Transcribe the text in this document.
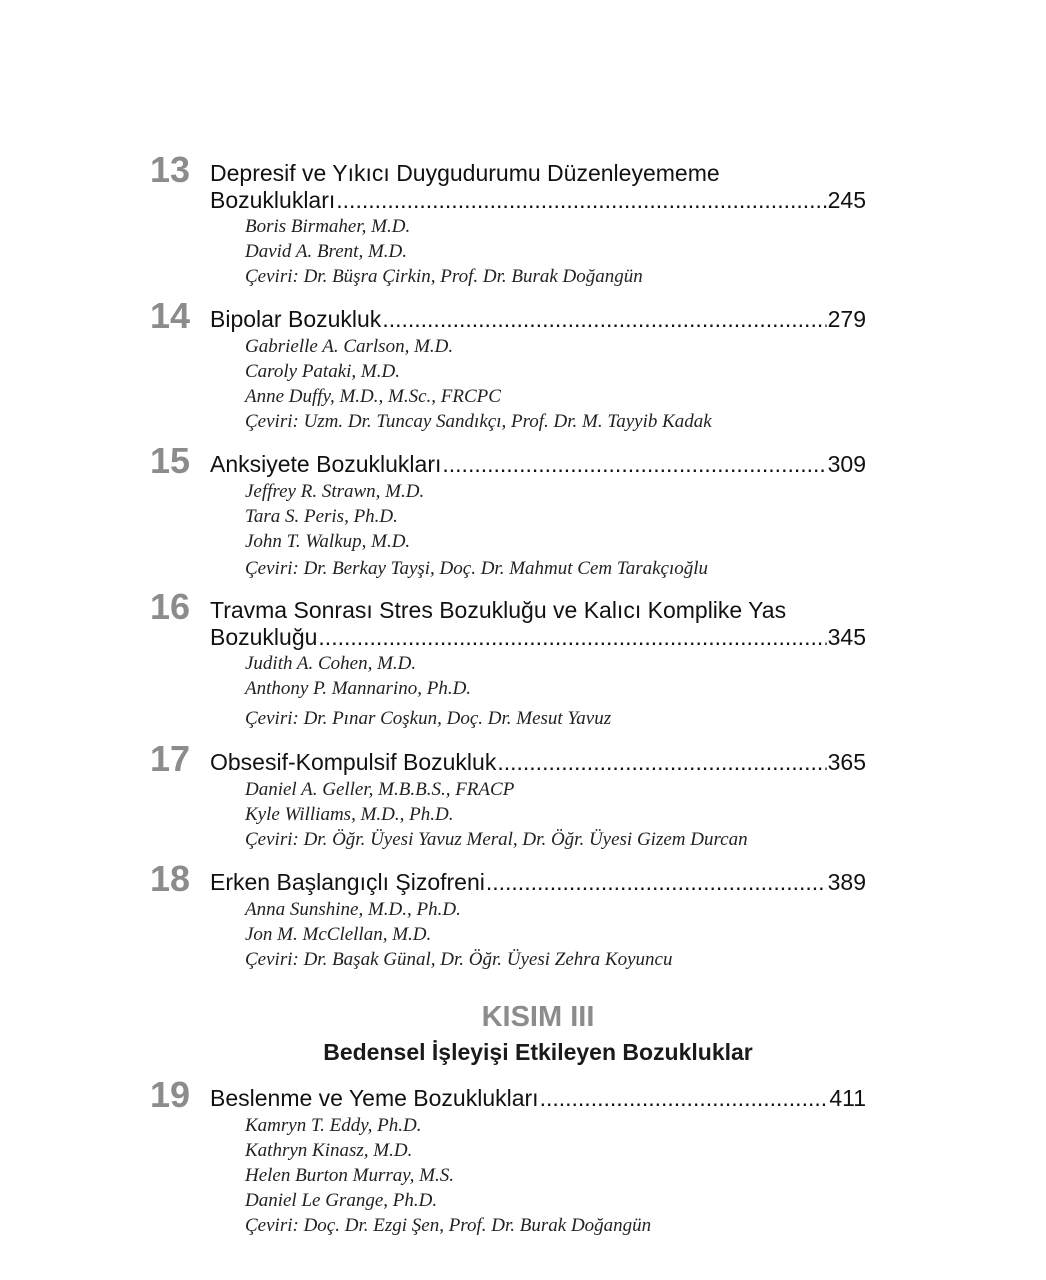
13 Depresif ve Yıkıcı Duygudurumu Düzenleyememe
Bozuklukları .....	245
Boris Birmaher, M.D.
David A. Brent, M.D.
Çeviri: Dr. Büşra Çirkin, Prof. Dr. Burak Doğangün
14 Bipolar Bozukluk .....	279
Gabrielle A. Carlson, M.D.
Caroly Pataki, M.D.
Anne Duffy, M.D., M.Sc., FRCPC
Çeviri: Uzm. Dr. Tuncay Sandıkçı, Prof. Dr. M. Tayyib Kadak
15 Anksiyete Bozuklukları .....	309
Jeffrey R. Strawn, M.D.
Tara S. Peris, Ph.D.
John T. Walkup, M.D.
Çeviri: Dr. Berkay Tayşi, Doç. Dr. Mahmut Cem Tarakçıoğlu
16 Travma Sonrası Stres Bozukluğu ve Kalıcı Komplike Yas
Bozukluğu .....	345
Judith A. Cohen, M.D.
Anthony P. Mannarino, Ph.D.
Çeviri: Dr. Pınar Coşkun, Doç. Dr. Mesut Yavuz
17 Obsesif-Kompulsif Bozukluk .....	365
Daniel A. Geller, M.B.B.S., FRACP
Kyle Williams, M.D., Ph.D.
Çeviri: Dr. Öğr. Üyesi Yavuz Meral, Dr. Öğr. Üyesi Gizem Durcan
18 Erken Başlangıçlı Şizofreni .....	389
Anna Sunshine, M.D., Ph.D.
Jon M. McClellan, M.D.
Çeviri: Dr. Başak Günal, Dr. Öğr. Üyesi Zehra Koyuncu
KISIM III
Bedensel İşleyişi Etkileyen Bozukluklar
19 Beslenme ve Yeme Bozuklukları .....	411
Kamryn T. Eddy, Ph.D.
Kathryn Kinasz, M.D.
Helen Burton Murray, M.S.
Daniel Le Grange, Ph.D.
Çeviri: Doç. Dr. Ezgi Şen, Prof. Dr. Burak Doğangün
